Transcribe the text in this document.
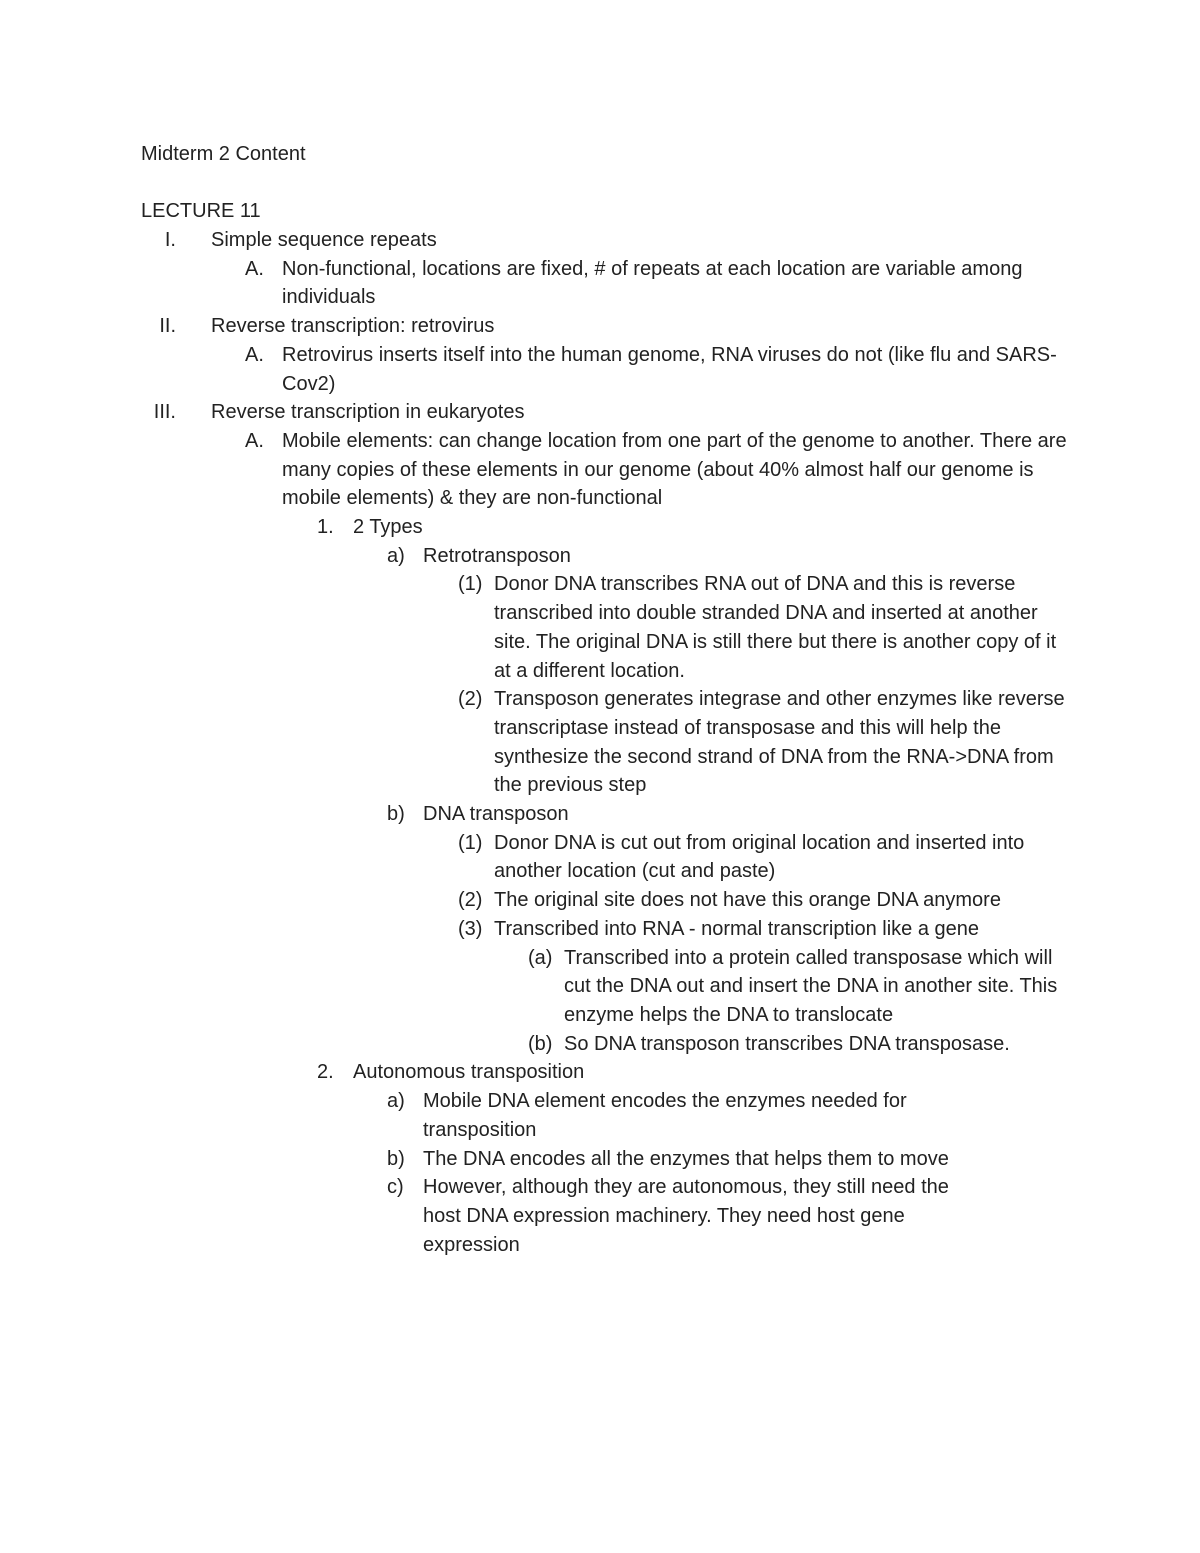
Midterm 2 Content
LECTURE 11
I. Simple sequence repeats
A. Non-functional, locations are fixed, # of repeats at each location are variable among individuals
II. Reverse transcription: retrovirus
A. Retrovirus inserts itself into the human genome, RNA viruses do not (like flu and SARS-Cov2)
III. Reverse transcription in eukaryotes
A. Mobile elements: can change location from one part of the genome to another. There are many copies of these elements in our genome (about 40% almost half our genome is mobile elements) & they are non-functional
1. 2 Types
a) Retrotransposon
(1) Donor DNA transcribes RNA out of DNA and this is reverse transcribed into double stranded DNA and inserted at another site. The original DNA is still there but there is another copy of it at a different location.
(2) Transposon generates integrase and other enzymes like reverse transcriptase instead of transposase and this will help the synthesize the second strand of DNA from the RNA->DNA from the previous step
b) DNA transposon
(1) Donor DNA is cut out from original location and inserted into another location (cut and paste)
(2) The original site does not have this orange DNA anymore
(3) Transcribed into RNA - normal transcription like a gene
(a) Transcribed into a protein called transposase which will cut the DNA out and insert the DNA in another site. This enzyme helps the DNA to translocate
(b) So DNA transposon transcribes DNA transposase.
2. Autonomous transposition
a) Mobile DNA element encodes the enzymes needed for transposition
b) The DNA encodes all the enzymes that helps them to move
c) However, although they are autonomous, they still need the host DNA expression machinery. They need host gene expression
